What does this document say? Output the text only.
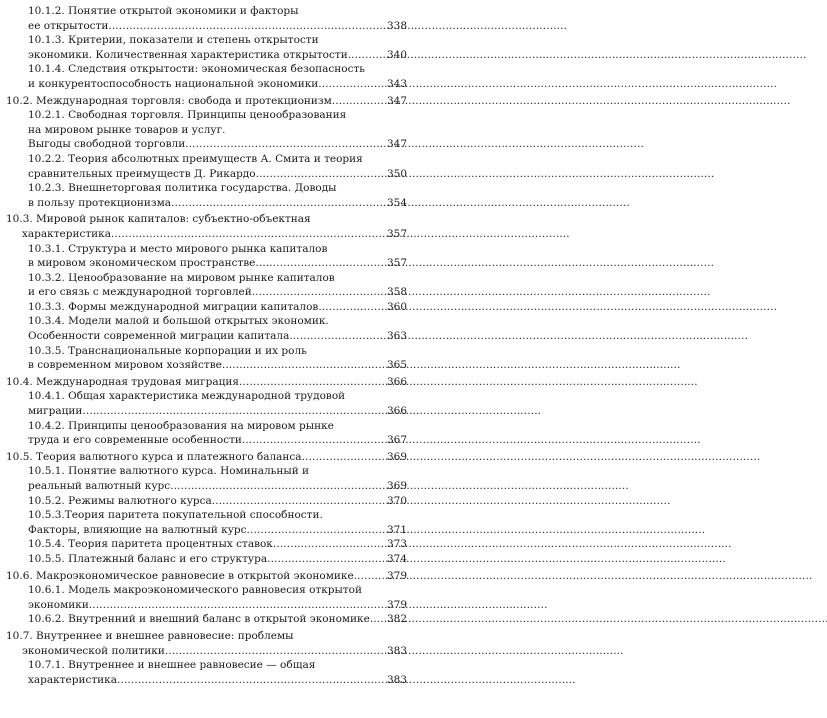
10.1.2. Понятие открытой экономики и факторы
ее открытости . . .	338
10.1.3. Критерии, показатели и степень открытости
экономики. Количественная характеристика открытости . . .	340
10.1.4. Следствия открытости: экономическая безопасность
и конкурентоспособность национальной экономики . . .	343
10.2. Международная торговля: свобода и протекционизм . . .	347
10.2.1. Свободная торговля. Принципы ценообразования
на мировом рынке товаров и услуг.
Выгоды свободной торговли . . .	347
10.2.2. Теория абсолютных преимуществ А. Смита и теория
сравнительных преимуществ Д. Рикардо . . .	350
10.2.3. Внешнеторговая политика государства. Доводы
в пользу протекционизма . . .	354
10.3. Мировой рынок капиталов: субъектно-объектная
характеристика . . .	357
10.3.1. Структура и место мирового рынка капиталов
в мировом экономическом пространстве . . .	357
10.3.2. Ценообразование на мировом рынке капиталов
и его связь с международной торговлей . . .	358
10.3.3. Формы международной миграции капиталов . . .	360
10.3.4. Модели малой и большой открытых экономик.
Особенности современной миграции капитала . . .	363
10.3.5. Транснациональные корпорации и их роль
в современном мировом хозяйстве . . .	365
10.4. Международная трудовая миграция . . .	366
10.4.1. Общая характеристика международной трудовой
миграции . . .	366
10.4.2. Принципы ценообразования на мировом рынке
труда и его современные особенности . . .	367
10.5. Теория валютного курса и платежного баланса . . .	369
10.5.1. Понятие валютного курса. Номинальный и
реальный валютный курс . . .	369
10.5.2. Режимы валютного курса . . .	370
10.5.3.Теория паритета покупательной способности.
Факторы, влияющие на валютный курс . . .	371
10.5.4. Теория паритета процентных ставок . . .	373
10.5.5. Платежный баланс и его структура . . .	374
10.6. Макроэкономическое равновесие в открытой экономике . . .	379
10.6.1. Модель макроэкономического равновесия открытой
экономики . . .	379
10.6.2. Внутренний и внешний баланс в открытой экономике . . . 382
10.7. Внутреннее и внешнее равновесие: проблемы
экономической политики . . .	383
10.7.1. Внутреннее и внешнее равновесие — общая
характеристика . . .	383
